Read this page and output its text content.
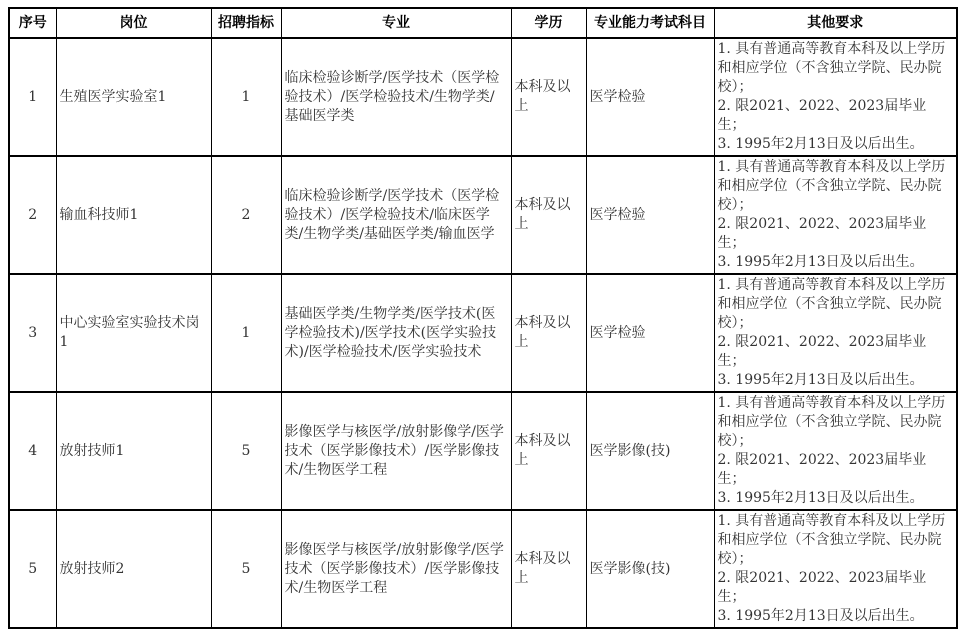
序号	岗位	招聘指标	专业	学历	专业能力考试科目	其他要求
1	生殖医学实验室1	1	临床检验诊断学/医学技术（医学检验技术）/医学检验技术/生物学类/基础医学类	本科及以上	医学检验	1. 具有普通高等教育本科及以上学历和相应学位（不含独立学院、民办院校）；
2. 限2021、2022、2023届毕业生；
3. 1995年2月13日及以后出生。

2	输血科技师1	2	临床检验诊断学/医学技术（医学检验技术）/医学检验技术/临床医学类/生物学类/基础医学类/输血医学	本科及以上	医学检验	1. 具有普通高等教育本科及以上学历和相应学位（不含独立学院、民办院校）；
2. 限2021、2022、2023届毕业生；
3. 1995年2月13日及以后出生。

3	中心实验室实验技术岗1	1	基础医学类/生物学类/医学技术(医学检验技术)/医学技术(医学实验技术)/医学检验技术/医学实验技术	本科及以上	医学检验	1. 具有普通高等教育本科及以上学历和相应学位（不含独立学院、民办院校）；
2. 限2021、2022、2023届毕业生；
3. 1995年2月13日及以后出生。

4	放射技师1	5	影像医学与核医学/放射影像学/医学技术（医学影像技术）/医学影像技术/生物医学工程	本科及以上	医学影像(技)	1. 具有普通高等教育本科及以上学历和相应学位（不含独立学院、民办院校）；
2. 限2021、2022、2023届毕业生；
3. 1995年2月13日及以后出生。

5	放射技师2	5	影像医学与核医学/放射影像学/医学技术（医学影像技术）/医学影像技术/生物医学工程	本科及以上	医学影像(技)	1. 具有普通高等教育本科及以上学历和相应学位（不含独立学院、民办院校）；
2. 限2021、2022、2023届毕业生；
3. 1995年2月13日及以后出生。
